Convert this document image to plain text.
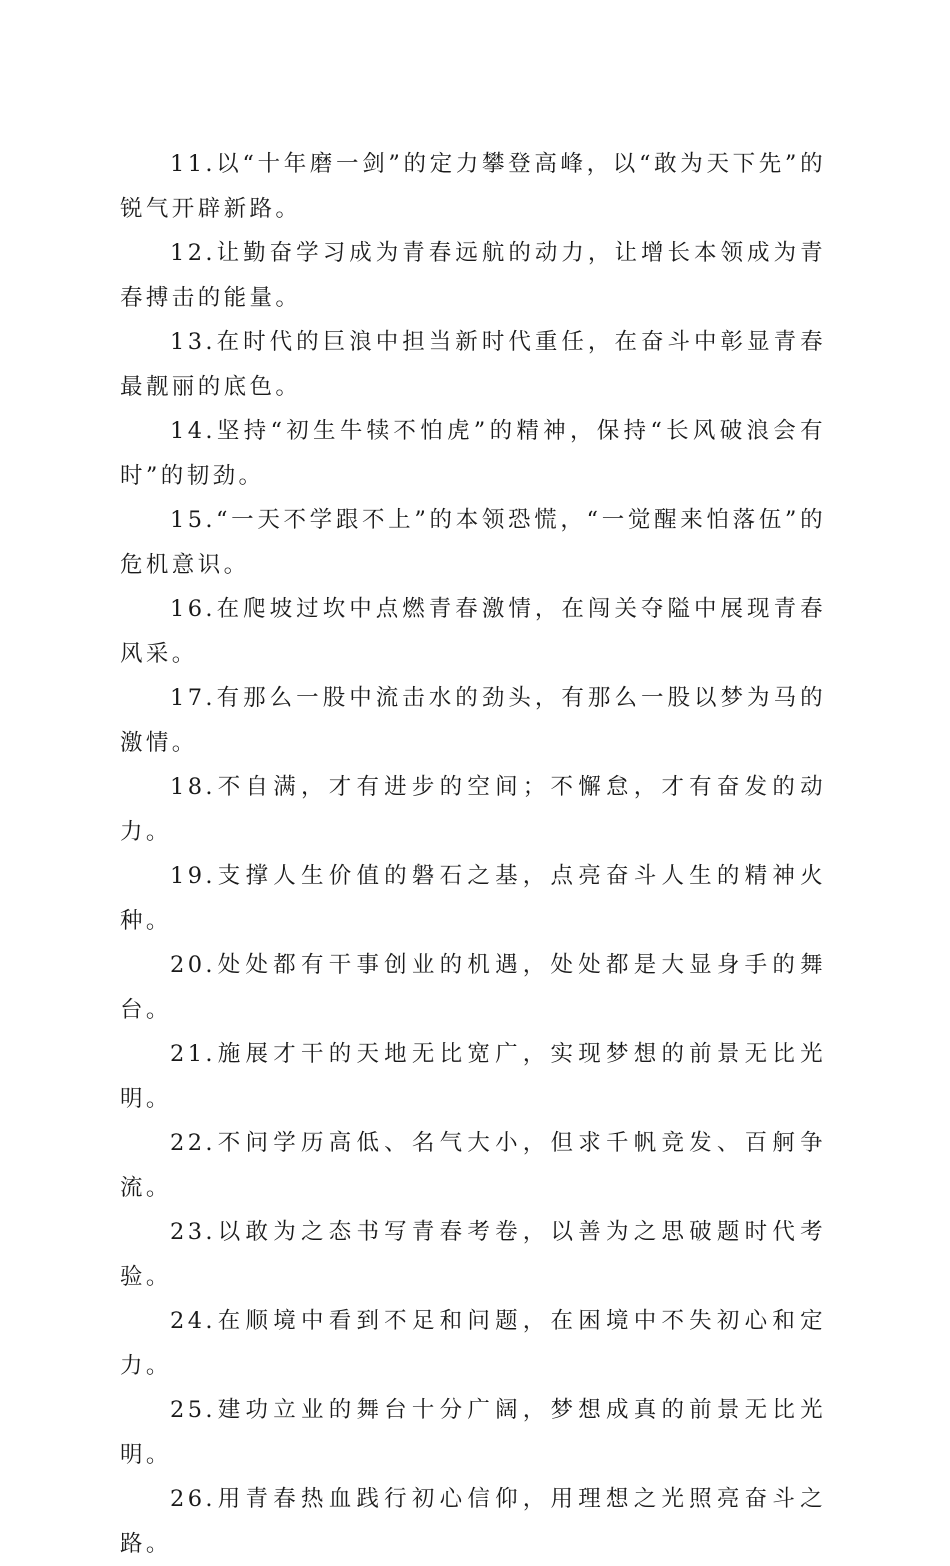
11.以“十年磨一剑”的定力攀登高峰，以“敢为天下先”的锐气开辟新路。

12.让勤奋学习成为青春远航的动力，让增长本领成为青春搏击的能量。

13.在时代的巨浪中担当新时代重任，在奋斗中彰显青春最靓丽的底色。

14.坚持“初生牛犊不怕虎”的精神，保持“长风破浪会有时”的韧劲。

15.“一天不学跟不上”的本领恐慌，“一觉醒来怕落伍”的危机意识。

16.在爬坡过坎中点燃青春激情，在闯关夺隘中展现青春风采。

17.有那么一股中流击水的劲头，有那么一股以梦为马的激情。

18.不自满，才有进步的空间；不懈怠，才有奋发的动力。

19.支撑人生价值的磐石之基，点亮奋斗人生的精神火种。

20.处处都有干事创业的机遇，处处都是大显身手的舞台。

21.施展才干的天地无比宽广，实现梦想的前景无比光明。

22.不问学历高低、名气大小，但求千帆竞发、百舸争流。

23.以敢为之态书写青春考卷，以善为之思破题时代考验。

24.在顺境中看到不足和问题，在困境中不失初心和定力。

25.建功立业的舞台十分广阔，梦想成真的前景无比光明。

26.用青春热血践行初心信仰，用理想之光照亮奋斗之路。
